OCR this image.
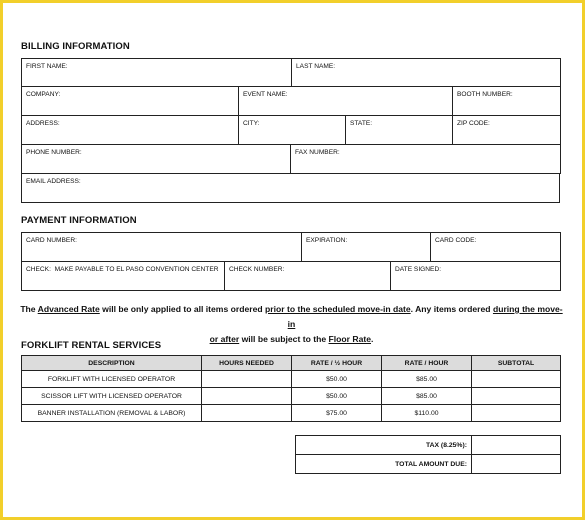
BILLING INFORMATION
FIRST NAME:	LAST NAME:
COMPANY:	EVENT NAME:	BOOTH NUMBER:
ADDRESS:	CITY:	STATE:	ZIP CODE:
PHONE NUMBER:	FAX NUMBER:
EMAIL ADDRESS:
PAYMENT INFORMATION
CARD NUMBER:	EXPIRATION:	CARD CODE:
CHECK: MAKE PAYABLE TO EL PASO CONVENTION CENTER	CHECK NUMBER:	DATE SIGNED:
The Advanced Rate will be only applied to all items ordered prior to the scheduled move-in date. Any items ordered during the move-in
or after will be subject to the Floor Rate.
FORKLIFT RENTAL SERVICES
DESCRIPTION	HOURS NEEDED	RATE / ½ HOUR	RATE / HOUR	SUBTOTAL
FORKLIFT WITH LICENSED OPERATOR		$50.00	$85.00	
SCISSOR LIFT WITH LICENSED OPERATOR		$50.00	$85.00	
BANNER INSTALLATION (REMOVAL & LABOR)		$75.00	$110.00	
TAX (8.25%):	
TOTAL AMOUNT DUE:	
